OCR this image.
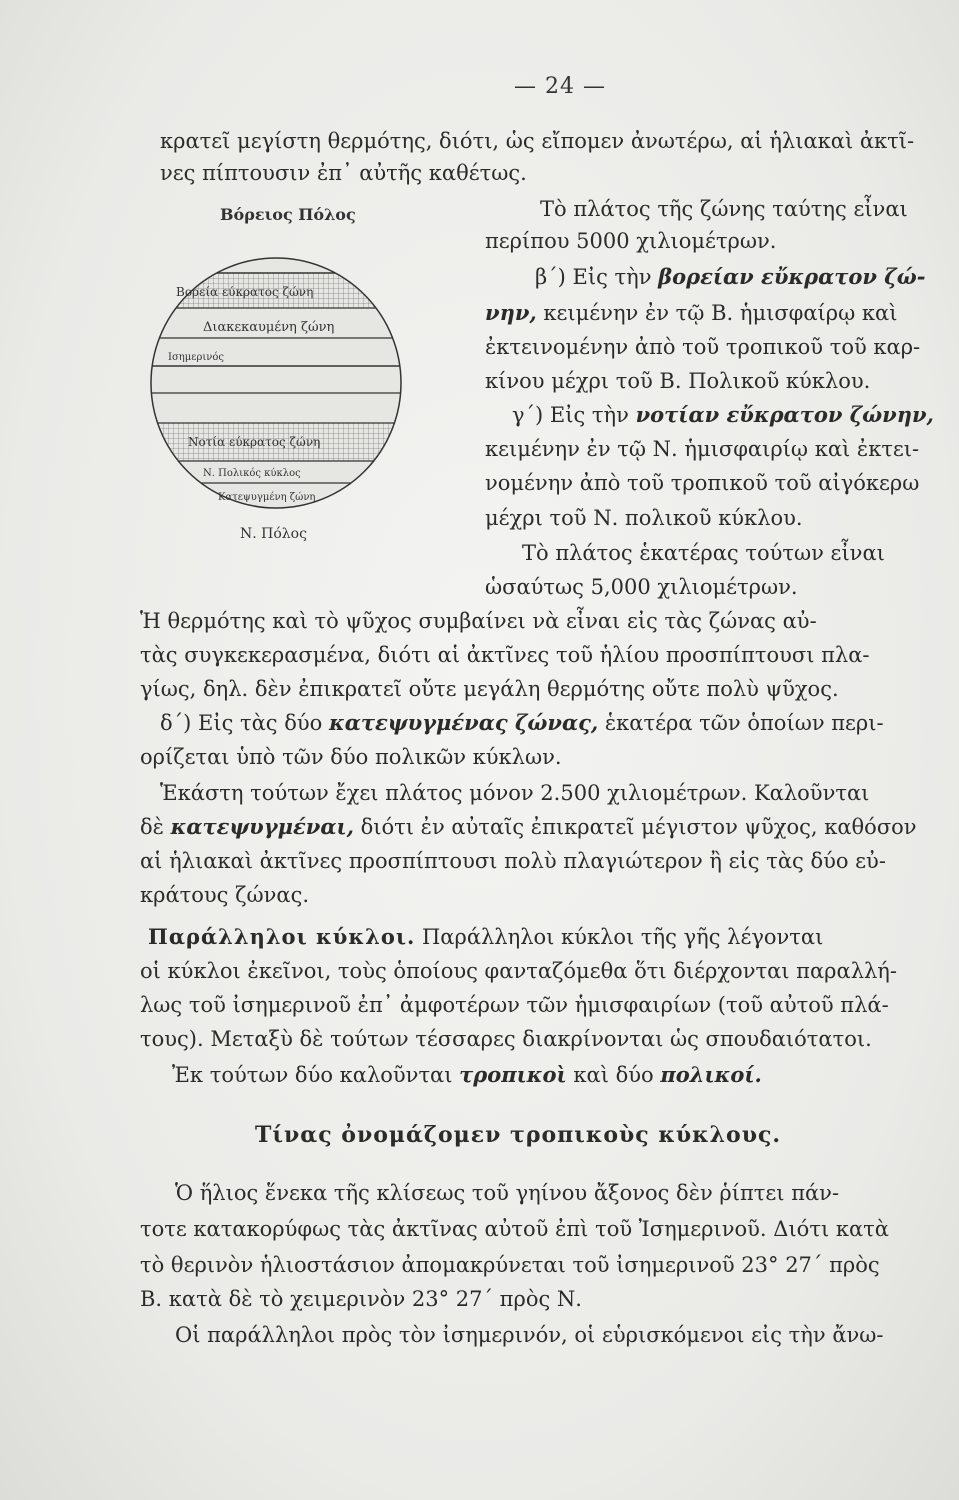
— 24 —
Βόρειος Πόλος
Βορεία εύκρατος ζώνη
Διακεκαυμένη ζώνη
Ισημερινός
Νοτία εύκρατος ζώνη
Ν. Πολικός κύκλος
Κατεψυγμένη ζώνη
Ν. Πόλος
κρατεῖ μεγίστη θερμότης, διότι, ὡς εἴπομεν ἀνωτέρω, αἱ ἡλιακαὶ ἀκτῖ-
νες πίπτουσιν ἐπ᾿ αὐτῆς καθέτως.
Τὸ πλάτος τῆς ζώνης ταύτης εἶναι
περίπου 5000 χιλιομέτρων.
β΄) Εἰς τὴν βορείαν εὔκρατον ζώ-
νην, κειμένην ἐν τῷ Β. ἡμισφαίρῳ καὶ
ἐκτεινομένην ἀπὸ τοῦ τροπικοῦ τοῦ καρ-
κίνου μέχρι τοῦ Β. Πολικοῦ κύκλου.
γ΄) Εἰς τὴν νοτίαν εὔκρατον ζώνην,
κειμένην ἐν τῷ Ν. ἡμισφαιρίῳ καὶ ἐκτει-
νομένην ἀπὸ τοῦ τροπικοῦ τοῦ αἰγόκερω
μέχρι τοῦ Ν. πολικοῦ κύκλου.
Τὸ πλάτος ἑκατέρας τούτων εἶναι
ὡσαύτως 5,000 χιλιομέτρων.
Ἡ θερμότης καὶ τὸ ψῦχος συμβαίνει νὰ εἶναι εἰς τὰς ζώνας αὐ-
τὰς συγκεκερασμένα, διότι αἱ ἀκτῖνες τοῦ ἡλίου προσπίπτουσι πλα-
γίως, δηλ. δὲν ἐπικρατεῖ οὔτε μεγάλη θερμότης οὔτε πολὺ ψῦχος.
δ΄) Εἰς τὰς δύο κατεψυγμένας ζώνας, ἑκατέρα τῶν ὁποίων περι-
ορίζεται ὑπὸ τῶν δύο πολικῶν κύκλων.
Ἑκάστη τούτων ἔχει πλάτος μόνον 2.500 χιλιομέτρων. Καλοῦνται
δὲ κατεψυγμέναι, διότι ἐν αὐταῖς ἐπικρατεῖ μέγιστον ψῦχος, καθόσον
αἱ ἡλιακαὶ ἀκτῖνες προσπίπτουσι πολὺ πλαγιώτερον ἢ εἰς τὰς δύο εὐ-
κράτους ζώνας.
Παράλληλοι κύκλοι. Παράλληλοι κύκλοι τῆς γῆς λέγονται
οἱ κύκλοι ἐκεῖνοι, τοὺς ὁποίους φανταζόμεθα ὅτι διέρχονται παραλλή-
λως τοῦ ἰσημερινοῦ ἐπ᾿ ἀμφοτέρων τῶν ἡμισφαιρίων (τοῦ αὐτοῦ πλά-
τους). Μεταξὺ δὲ τούτων τέσσαρες διακρίνονται ὡς σπουδαιότατοι.
Ἐκ τούτων δύο καλοῦνται τροπικοὶ καὶ δύο πολικοί.
Τίνας ὀνομάζομεν τροπικοὺς κύκλους.
Ὁ ἥλιος ἕνεκα τῆς κλίσεως τοῦ γηίνου ἄξονος δὲν ῥίπτει πάν-
τοτε κατακορύφως τὰς ἀκτῖνας αὐτοῦ ἐπὶ τοῦ Ἰσημερινοῦ. Διότι κατὰ
τὸ θερινὸν ἡλιοστάσιον ἀπομακρύνεται τοῦ ἰσημερινοῦ 23° 27΄ πρὸς
Β. κατὰ δὲ τὸ χειμερινὸν 23° 27΄ πρὸς Ν.
Οἱ παράλληλοι πρὸς τὸν ἰσημερινόν, οἱ εὑρισκόμενοι εἰς τὴν ἄνω-
